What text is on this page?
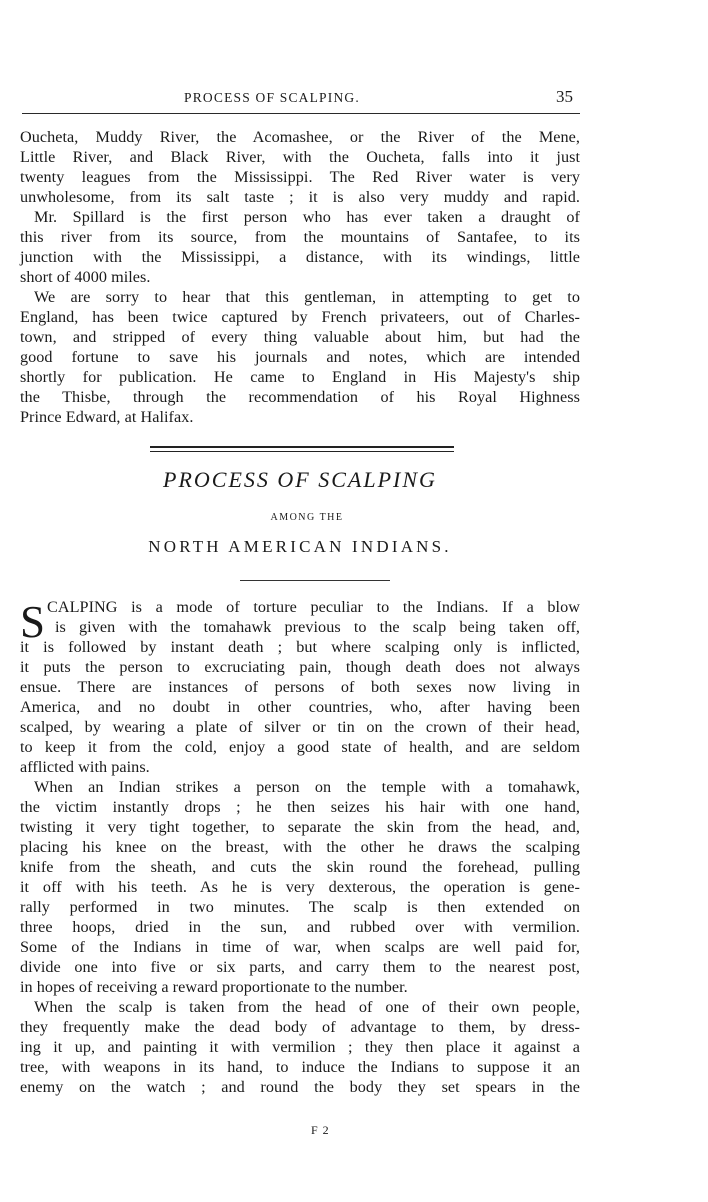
PROCESS OF SCALPING.	35
Oucheta, Muddy River, the Acomashee, or the River of the Mene,
Little River, and Black River, with the Oucheta, falls into it just
twenty leagues from the Mississippi. The Red River water is very
unwholesome, from its salt taste ; it is also very muddy and rapid.
Mr. Spillard is the first person who has ever taken a draught of
this river from its source, from the mountains of Santafee, to its
junction with the Mississippi, a distance, with its windings, little
short of 4000 miles.
We are sorry to hear that this gentleman, in attempting to get to
England, has been twice captured by French privateers, out of Charles-
town, and stripped of every thing valuable about him, but had the
good fortune to save his journals and notes, which are intended
shortly for publication. He came to England in His Majesty's ship
the Thisbe, through the recommendation of his Royal Highness
Prince Edward, at Halifax.
PROCESS OF SCALPING
AMONG THE
NORTH AMERICAN INDIANS.
S CALPING is a mode of torture peculiar to the Indians. If a blow
is given with the tomahawk previous to the scalp being taken off,
it is followed by instant death ; but where scalping only is inflicted,
it puts the person to excruciating pain, though death does not always
ensue. There are instances of persons of both sexes now living in
America, and no doubt in other countries, who, after having been
scalped, by wearing a plate of silver or tin on the crown of their head,
to keep it from the cold, enjoy a good state of health, and are seldom
afflicted with pains.
When an Indian strikes a person on the temple with a tomahawk,
the victim instantly drops ; he then seizes his hair with one hand,
twisting it very tight together, to separate the skin from the head, and,
placing his knee on the breast, with the other he draws the scalping
knife from the sheath, and cuts the skin round the forehead, pulling
it off with his teeth. As he is very dexterous, the operation is gene-
rally performed in two minutes. The scalp is then extended on
three hoops, dried in the sun, and rubbed over with vermilion.
Some of the Indians in time of war, when scalps are well paid for,
divide one into five or six parts, and carry them to the nearest post,
in hopes of receiving a reward proportionate to the number.
When the scalp is taken from the head of one of their own people,
they frequently make the dead body of advantage to them, by dress-
ing it up, and painting it with vermilion ; they then place it against a
tree, with weapons in its hand, to induce the Indians to suppose it an
enemy on the watch ; and round the body they set spears in the
F 2
